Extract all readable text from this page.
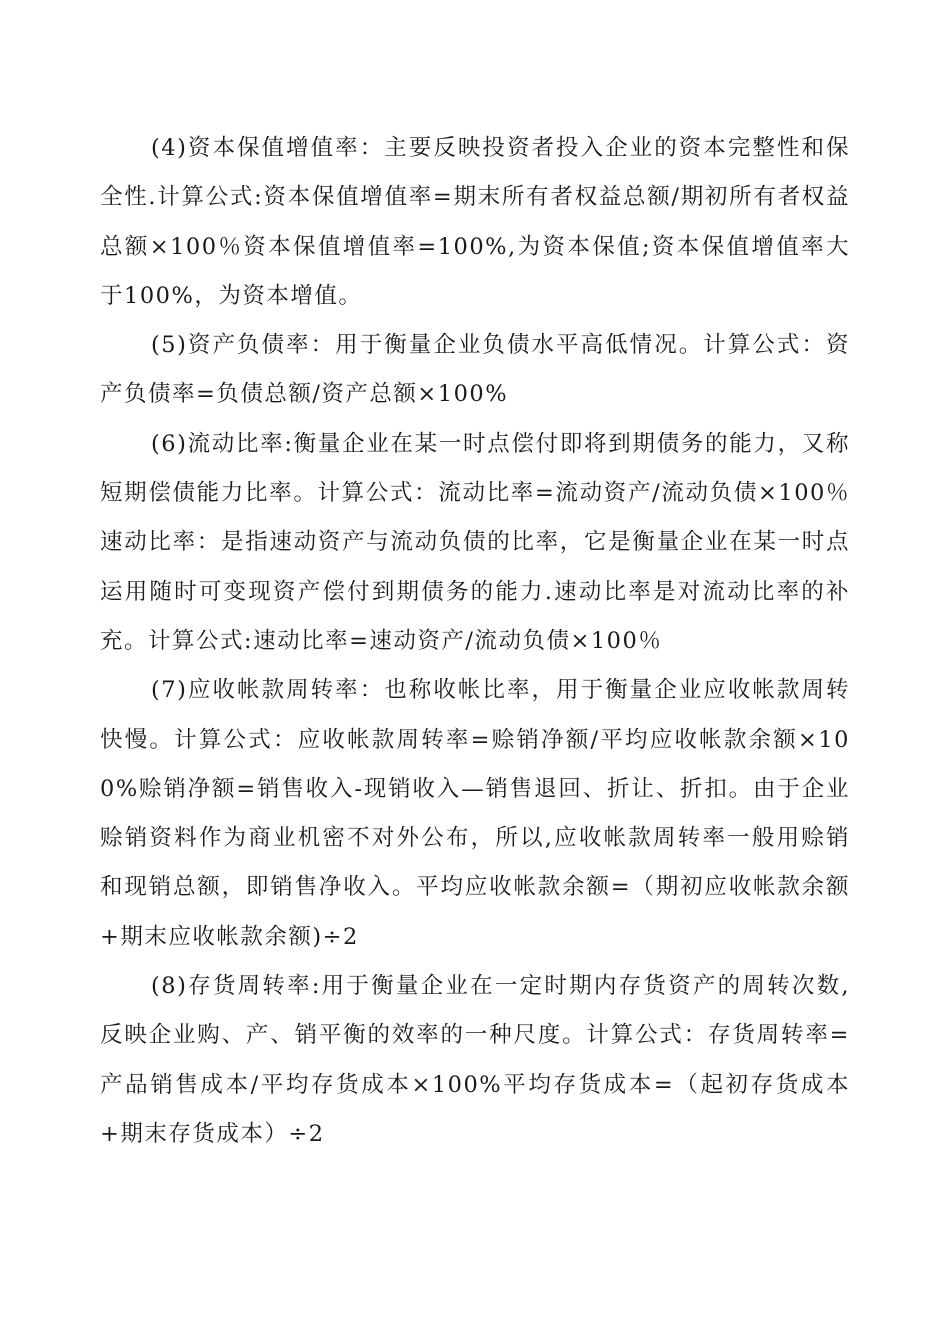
(4)资本保值增值率：主要反映投资者投入企业的资本完整性和保全性.计算公式:资本保值增值率=期末所有者权益总额/期初所有者权益总额×100％资本保值增值率=100%,为资本保值;资本保值增值率大于100%，为资本增值。

(5)资产负债率：用于衡量企业负债水平高低情况。计算公式：资产负债率=负债总额/资产总额×100%

(6)流动比率:衡量企业在某一时点偿付即将到期债务的能力，又称短期偿债能力比率。计算公式：流动比率=流动资产/流动负债×100％速动比率：是指速动资产与流动负债的比率，它是衡量企业在某一时点运用随时可变现资产偿付到期债务的能力.速动比率是对流动比率的补充。计算公式:速动比率=速动资产/流动负债×100％

(7)应收帐款周转率：也称收帐比率，用于衡量企业应收帐款周转快慢。计算公式：应收帐款周转率=赊销净额/平均应收帐款余额×100%赊销净额=销售收入-现销收入—销售退回、折让、折扣。由于企业赊销资料作为商业机密不对外公布，所以,应收帐款周转率一般用赊销和现销总额，即销售净收入。平均应收帐款余额=（期初应收帐款余额+期末应收帐款余额)÷2

(8)存货周转率:用于衡量企业在一定时期内存货资产的周转次数,反映企业购、产、销平衡的效率的一种尺度。计算公式：存货周转率=产品销售成本/平均存货成本×100%平均存货成本=（起初存货成本+期末存货成本）÷2
